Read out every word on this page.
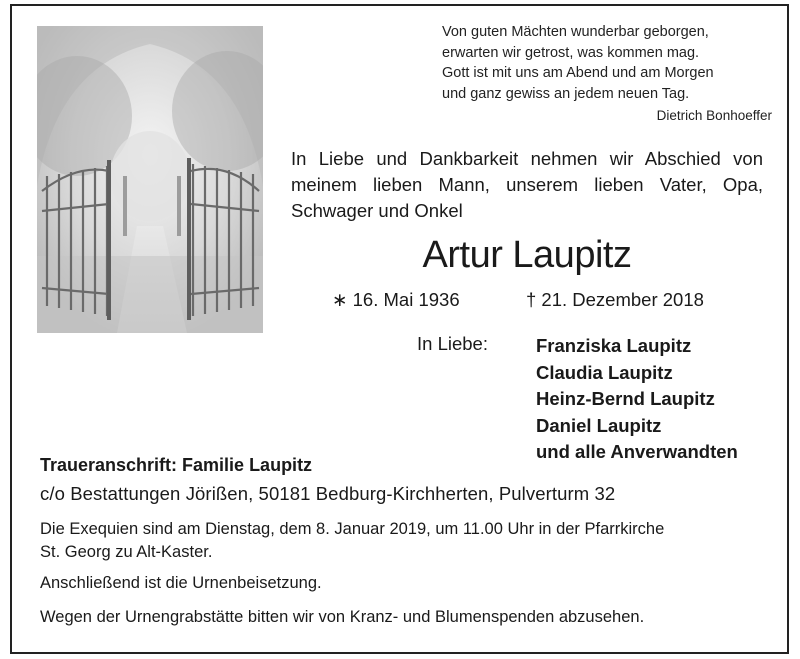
Von guten Mächten wunderbar geborgen,
erwarten wir getrost, was kommen mag.
Gott ist mit uns am Abend und am Morgen
und ganz gewiss an jedem neuen Tag.
Dietrich Bonhoeffer
In Liebe und Dankbarkeit nehmen wir Abschied von
meinem lieben Mann, unserem lieben Vater, Opa,
Schwager und Onkel
Artur Laupitz
∗ 16. Mai 1936	† 21. Dezember 2018
In Liebe:	Franziska Laupitz
Claudia Laupitz
Heinz-Bernd Laupitz
Daniel Laupitz
und alle Anverwandten
Traueranschrift: Familie Laupitz
c/o Bestattungen Jörißen, 50181 Bedburg-Kirchherten, Pulverturm 32
Die Exequien sind am Dienstag, dem 8. Januar 2019, um 11.00 Uhr in der Pfarrkirche
St. Georg zu Alt-Kaster.
Anschließend ist die Urnenbeisetzung.
Wegen der Urnengrabstätte bitten wir von Kranz- und Blumenspenden abzusehen.
